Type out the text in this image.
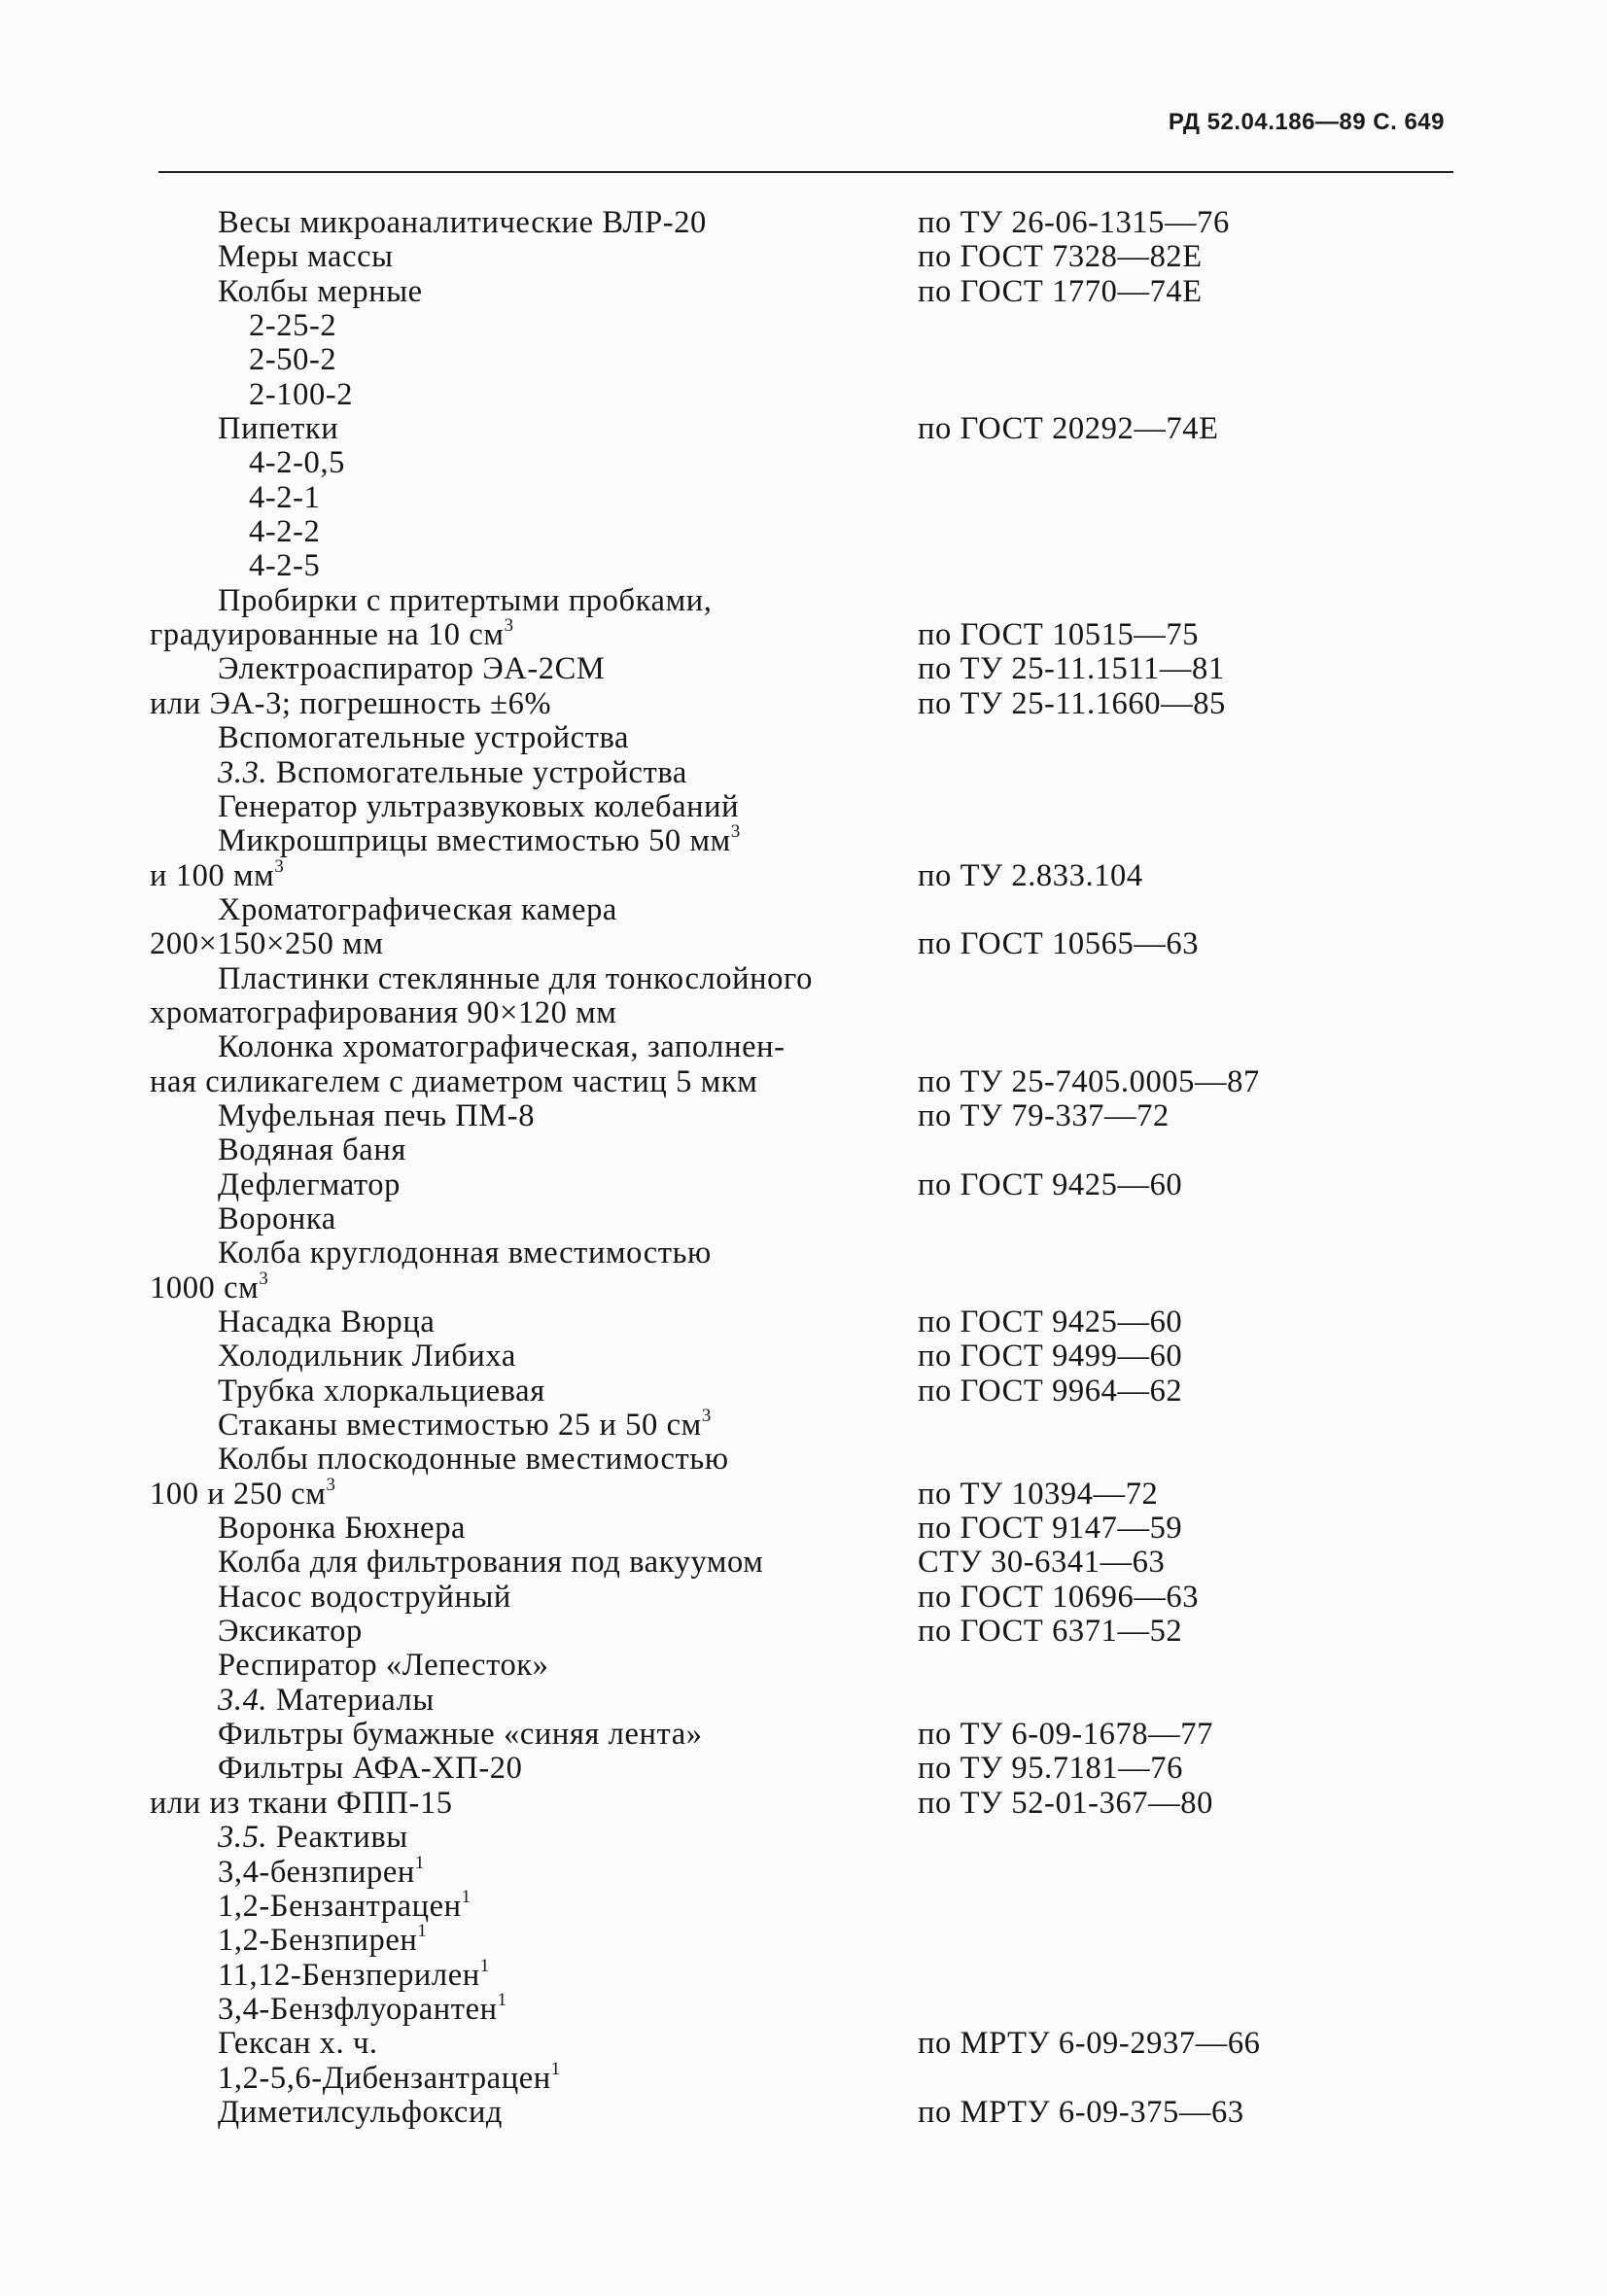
РД 52.04.186—89 С. 649
Весы микроаналитические ВЛР-20	по ТУ 26-06-1315—76
Меры массы	по ГОСТ 7328—82Е
Колбы мерные	по ГОСТ 1770—74Е
2-25-2
2-50-2
2-100-2
Пипетки	по ГОСТ 20292—74Е
4-2-0,5
4-2-1
4-2-2
4-2-5
Пробирки с притертыми пробками,
градуированные на 10 $см^3$	по ГОСТ 10515—75
Электроаспиратор ЭА-2СМ	по ТУ 25-11.1511—81
или ЭА-3; погрешность ±6%	по ТУ 25-11.1660—85
Вспомогательные устройства
3.3. Вспомогательные устройства
Генератор ультразвуковых колебаний
Микрошприцы вместимостью 50 $мм^3$
и 100 $мм^3$	по ТУ 2.833.104
Хроматографическая камера
200×150×250 мм	по ГОСТ 10565—63
Пластинки стеклянные для тонкослойного
хроматографирования 90×120 мм
Колонка хроматографическая, заполнен-
ная силикагелем с диаметром частиц 5 мкм	по ТУ 25-7405.0005—87
Муфельная печь ПМ-8	по ТУ 79-337—72
Водяная баня
Дефлегматор	по ГОСТ 9425—60
Воронка
Колба круглодонная вместимостью
1000 $см^3$
Насадка Вюрца	по ГОСТ 9425—60
Холодильник Либиха	по ГОСТ 9499—60
Трубка хлоркальциевая	по ГОСТ 9964—62
Стаканы вместимостью 25 и 50 $см^3$
Колбы плоскодонные вместимостью
100 и 250 $см^3$	по ТУ 10394—72
Воронка Бюхнера	по ГОСТ 9147—59
Колба для фильтрования под вакуумом	СТУ 30-6341—63
Насос водоструйный	по ГОСТ 10696—63
Эксикатор	по ГОСТ 6371—52
Респиратор «Лепесток»
3.4. Материалы
Фильтры бумажные «синяя лента»	по ТУ 6-09-1678—77
Фильтры АФА-ХП-20	по ТУ 95.7181—76
или из ткани ФПП-15	по ТУ 52-01-367—80
3.5. Реактивы
3,4-бензпирен$^1$
1,2-Бензантрацен$^1$
1,2-Бензпирен$^1$
11,12-Бензперилен$^1$
3,4-Бензфлуорантен$^1$
Гексан х. ч.	по МРТУ 6-09-2937—66
1,2-5,6-Дибензантрацен$^1$
Диметилсульфоксид	по МРТУ 6-09-375—63
